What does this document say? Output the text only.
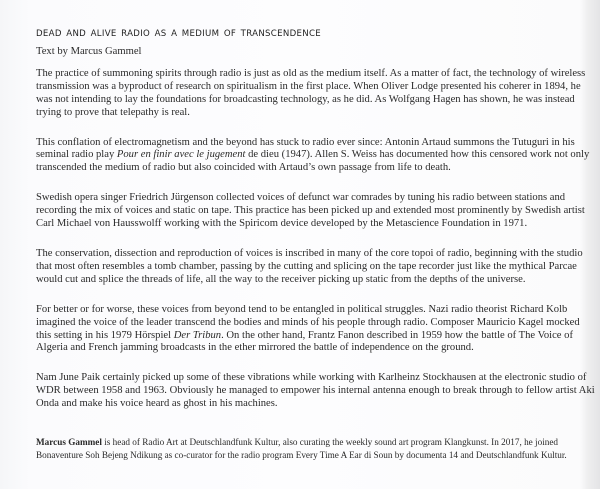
DEAD AND ALIVE RADIO AS A MEDIUM OF TRANSCENDENCE
Text by Marcus Gammel

The practice of summoning spirits through radio is just as old as the medium itself. As a matter of fact, the technology of wireless transmission was a byproduct of research on spiritualism in the first place. When Oliver Lodge presented his coherer in 1894, he was not intending to lay the foundations for broadcasting technology, as he did. As Wolfgang Hagen has shown, he was instead trying to prove that telepathy is real.

This conflation of electromagnetism and the beyond has stuck to radio ever since: Antonin Artaud summons the Tutuguri in his seminal radio play Pour en finir avec le jugement de dieu (1947). Allen S. Weiss has documented how this censored work not only transcended the medium of radio but also coincided with Artaud’s own passage from life to death.

Swedish opera singer Friedrich Jürgenson collected voices of defunct war comrades by tuning his radio between stations and recording the mix of voices and static on tape. This practice has been picked up and extended most prominently by Swedish artist Carl Michael von Hausswolff working with the Spiricom device developed by the Metascience Foundation in 1971.

The conservation, dissection and reproduction of voices is inscribed in many of the core topoi of radio, beginning with the studio that most often resembles a tomb chamber, passing by the cutting and splicing on the tape recorder just like the mythical Parcae would cut and splice the threads of life, all the way to the receiver picking up static from the depths of the universe.

For better or for worse, these voices from beyond tend to be entangled in political struggles. Nazi radio theorist Richard Kolb imagined the voice of the leader transcend the bodies and minds of his people through radio. Composer Mauricio Kagel mocked this setting in his 1979 Hörspiel Der Tribun. On the other hand, Frantz Fanon described in 1959 how the battle of The Voice of Algeria and French jamming broadcasts in the ether mirrored the battle of independence on the ground.

Nam June Paik certainly picked up some of these vibrations while working with Karlheinz Stockhausen at the electronic studio of WDR between 1958 and 1963. Obviously he managed to empower his internal antenna enough to break through to fellow artist Aki Onda and make his voice heard as ghost in his machines.

Marcus Gammel is head of Radio Art at Deutschlandfunk Kultur, also curating the weekly sound art program Klangkunst. In 2017, he joined Bonaventure Soh Bejeng Ndikung as co-curator for the radio program Every Time A Ear di Soun by documenta 14 and Deutschlandfunk Kultur.
